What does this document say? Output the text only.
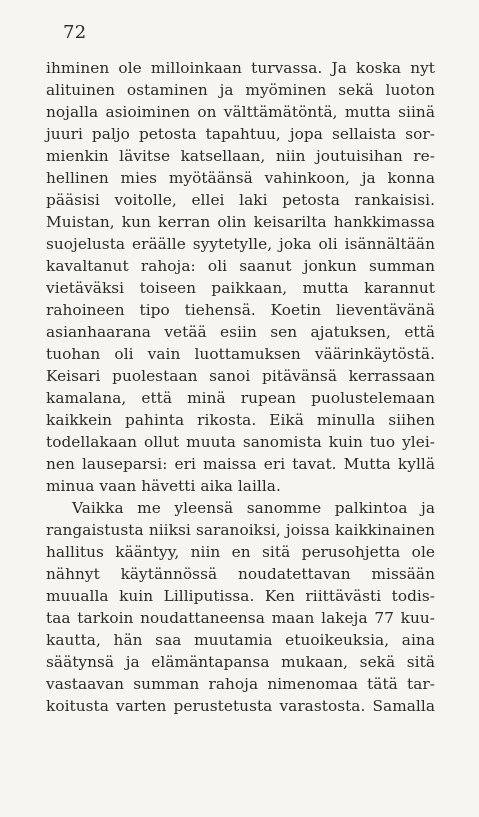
72
ihminen ole milloinkaan turvassa. Ja koska nyt
alituinen ostaminen ja myöminen sekä luoton
nojalla asioiminen on välttämätöntä, mutta siinä
juuri paljo petosta tapahtuu, jopa sellaista sor-
mienkin lävitse katsellaan, niin joutuisihan re-
hellinen mies myötäänsä vahinkoon, ja konna
pääsisi voitolle, ellei laki petosta rankaisisi.
Muistan, kun kerran olin keisarilta hankkimassa
suojelusta eräälle syytetylle, joka oli isännältään
kavaltanut rahoja: oli saanut jonkun summan
vietäväksi toiseen paikkaan, mutta karannut
rahoineen tipo tiehensä. Koetin lieventävänä
asianhaarana vetää esiin sen ajatuksen, että
tuohan oli vain luottamuksen väärinkäytöstä.
Keisari puolestaan sanoi pitävänsä kerrassaan
kamalana, että minä rupean puolustelemaan
kaikkein pahinta rikosta. Eikä minulla siihen
todellakaan ollut muuta sanomista kuin tuo ylei-
nen lauseparsi: eri maissa eri tavat. Mutta kyllä
minua vaan hävetti aika lailla.
Vaikka me yleensä sanomme palkintoa ja
rangaistusta niiksi saranoiksi, joissa kaikkinainen
hallitus kääntyy, niin en sitä perusohjetta ole
nähnyt käytännössä noudatettavan missään
muualla kuin Lilliputissa. Ken riittävästi todis-
taa tarkoin noudattaneensa maan lakeja 77 kuu-
kautta, hän saa muutamia etuoikeuksia, aina
säätynsä ja elämäntapansa mukaan, sekä sitä
vastaavan summan rahoja nimenomaa tätä tar-
koitusta varten perustetusta varastosta. Samalla
